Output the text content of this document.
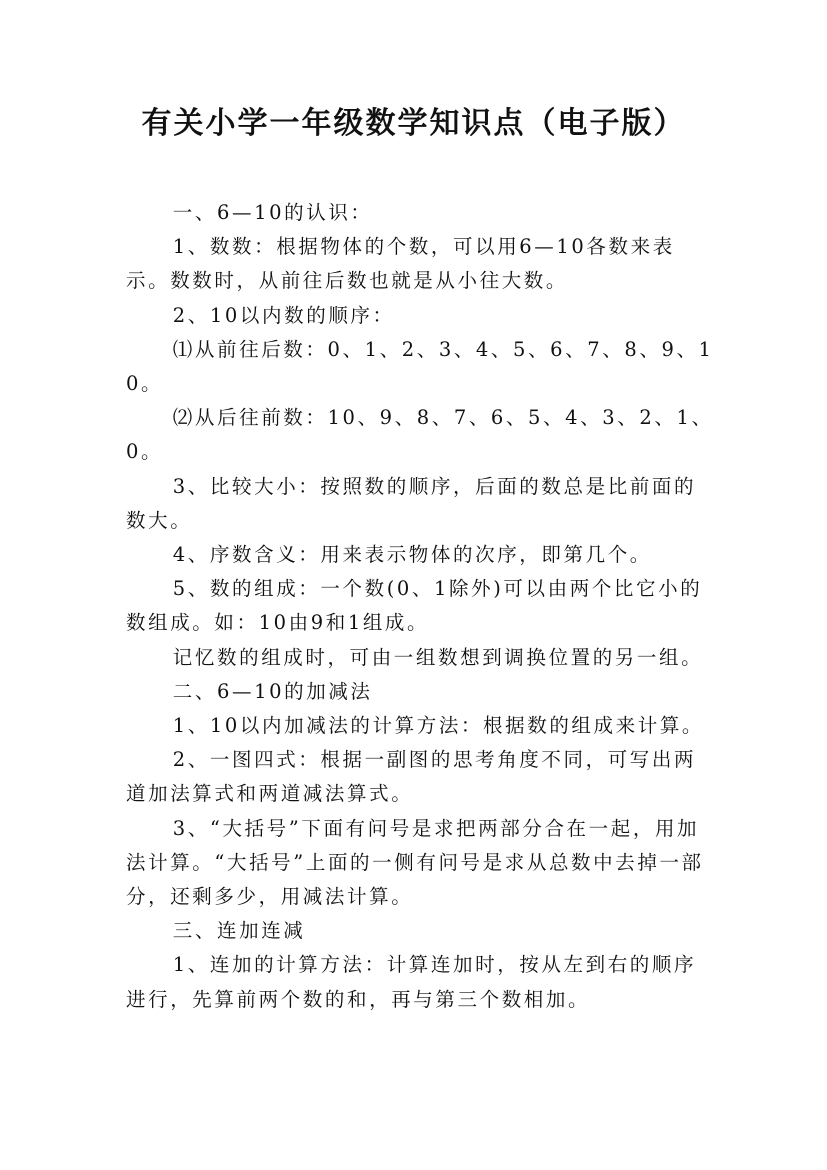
有关小学一年级数学知识点（电子版）

一、6—10的认识：

1、数数：根据物体的个数，可以用6—10各数来表示。数数时，从前往后数也就是从小往大数。

2、10以内数的顺序：

⑴从前往后数：0、1、2、3、4、5、6、7、8、9、10。

⑵从后往前数：10、9、8、7、6、5、4、3、2、1、0。

3、比较大小：按照数的顺序，后面的数总是比前面的数大。

4、序数含义：用来表示物体的次序，即第几个。

5、数的组成：一个数(0、1除外)可以由两个比它小的数组成。如：10由9和1组成。

记忆数的组成时，可由一组数想到调换位置的另一组。

二、6—10的加减法

1、10以内加减法的计算方法：根据数的组成来计算。

2、一图四式：根据一副图的思考角度不同，可写出两道加法算式和两道减法算式。

3、“大括号”下面有问号是求把两部分合在一起，用加法计算。“大括号”上面的一侧有问号是求从总数中去掉一部分，还剩多少，用减法计算。

三、连加连减

1、连加的计算方法：计算连加时，按从左到右的顺序进行，先算前两个数的和，再与第三个数相加。
